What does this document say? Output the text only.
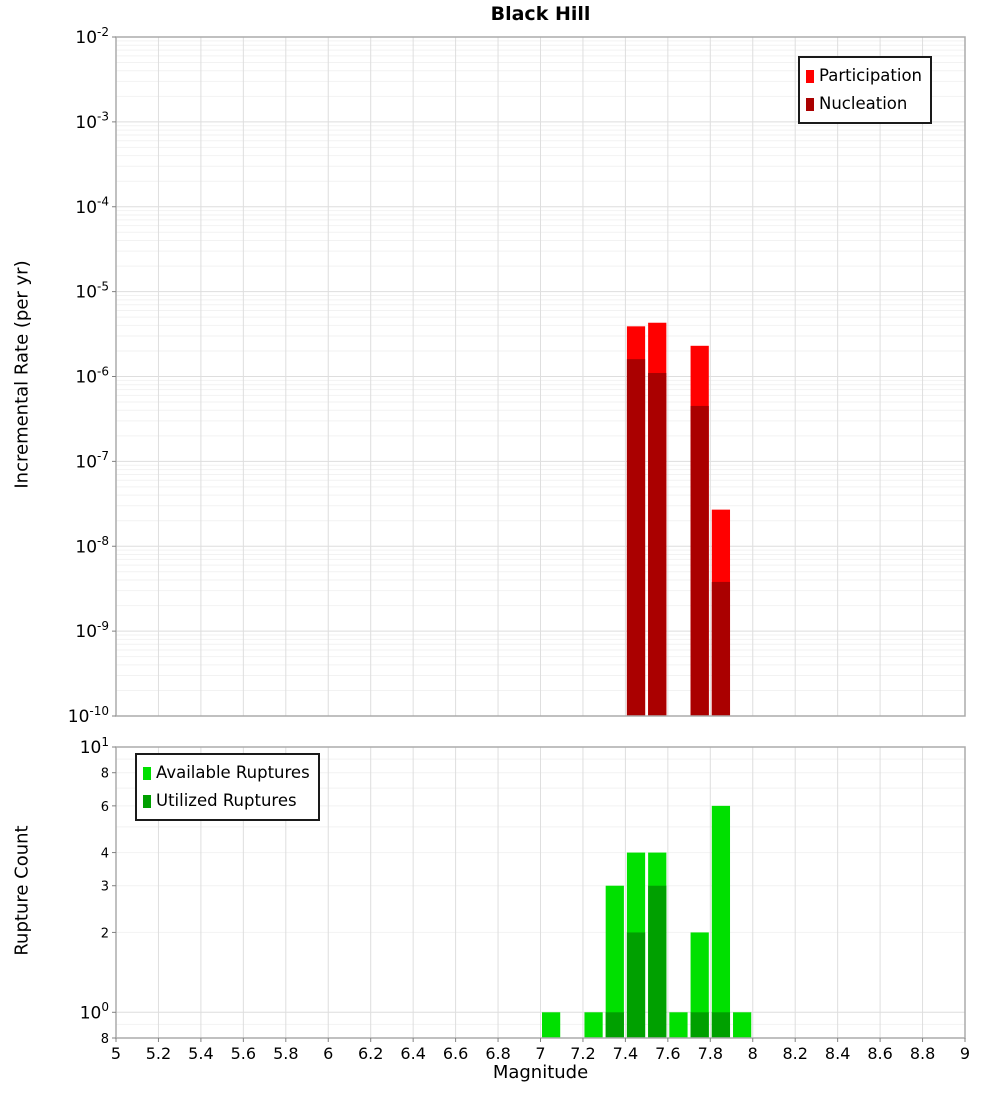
$10^{-2}$
$10^{-3}$
$10^{-4}$
$10^{-5}$
$10^{-6}$
$10^{-7}$
$10^{-8}$
$10^{-9}$
$10^{-10}$
$10^1$
8
6
4
3
2
$10^0$
8
5 5.2 5.4 5.6 5.8 6 6.2 6.4 6.6 6.8 7 7.2 7.4 7.6 7.8 8 8.2 8.4 8.6 8.8 9
Black Hill
Incremental Rate (per yr)
Rupture Count
Magnitude
Participation
Nucleation
Available Ruptures
Utilized Ruptures
